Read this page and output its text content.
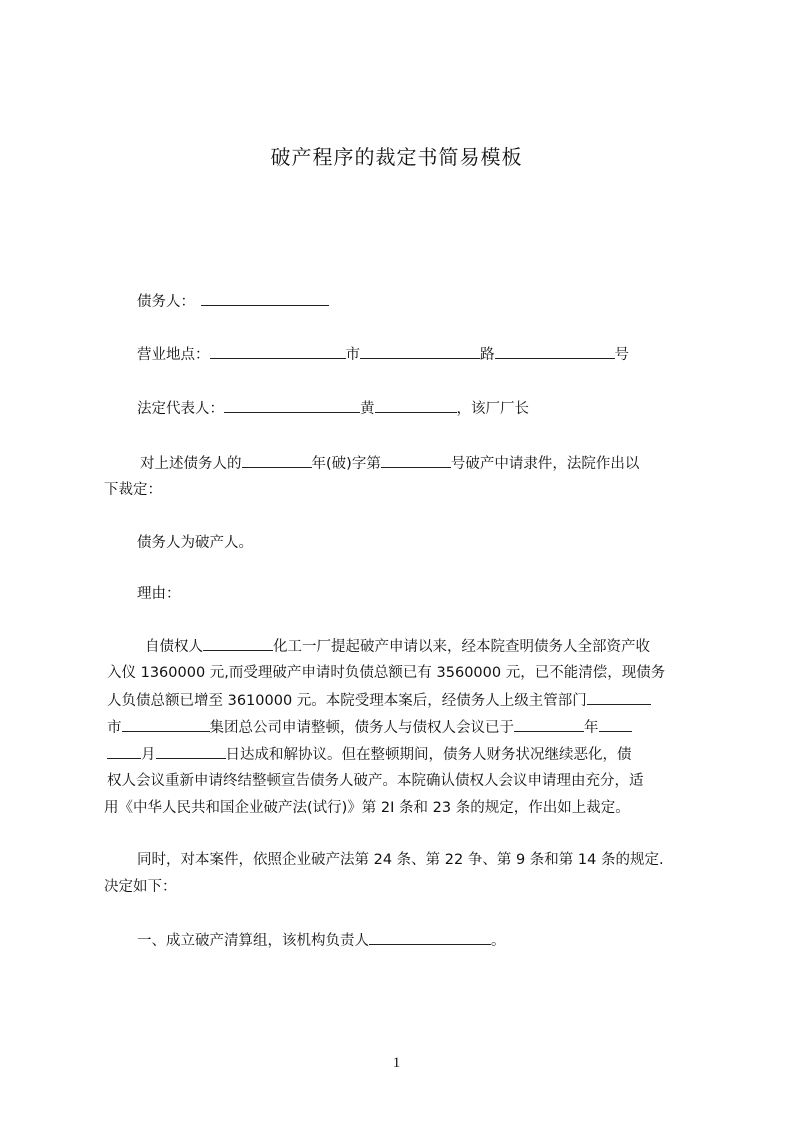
破产程序的裁定书简易模板
债务人：
营业地点：	市	路	号
法定代表人：	黄	，该厂厂长
对上述债务人的	年(破)字第	号破产中请隶件，法院作出以
下裁定：
债务人为破产人。
理由：
自债权人	化工一厂提起破产申请以来，经本院查明债务人全部资产收
入仪 1360000 元,而受理破产申请时负债总额已有 3560000 元，已不能清偿，现债务
人负债总额已增至 3610000 元。本院受理本案后，经债务人上级主管部门
市	集团总公司申请整顿，债务人与债权人会议已于	年
月	日达成和解协议。但在整顿期间，债务人财务状况继续恶化，债
权人会议重新申请终结整顿宣告债务人破产。本院确认债权人会议申请理由充分，适
用《中华人民共和国企业破产法(试行)》第 2I 条和 23 条的规定，作出如上裁定。
同时，对本案件，依照企业破产法第 24 条、第 22 争、第 9 条和第 14 条的规定.
决定如下：
一、成立破产清算组，该机构负责人	。
1
